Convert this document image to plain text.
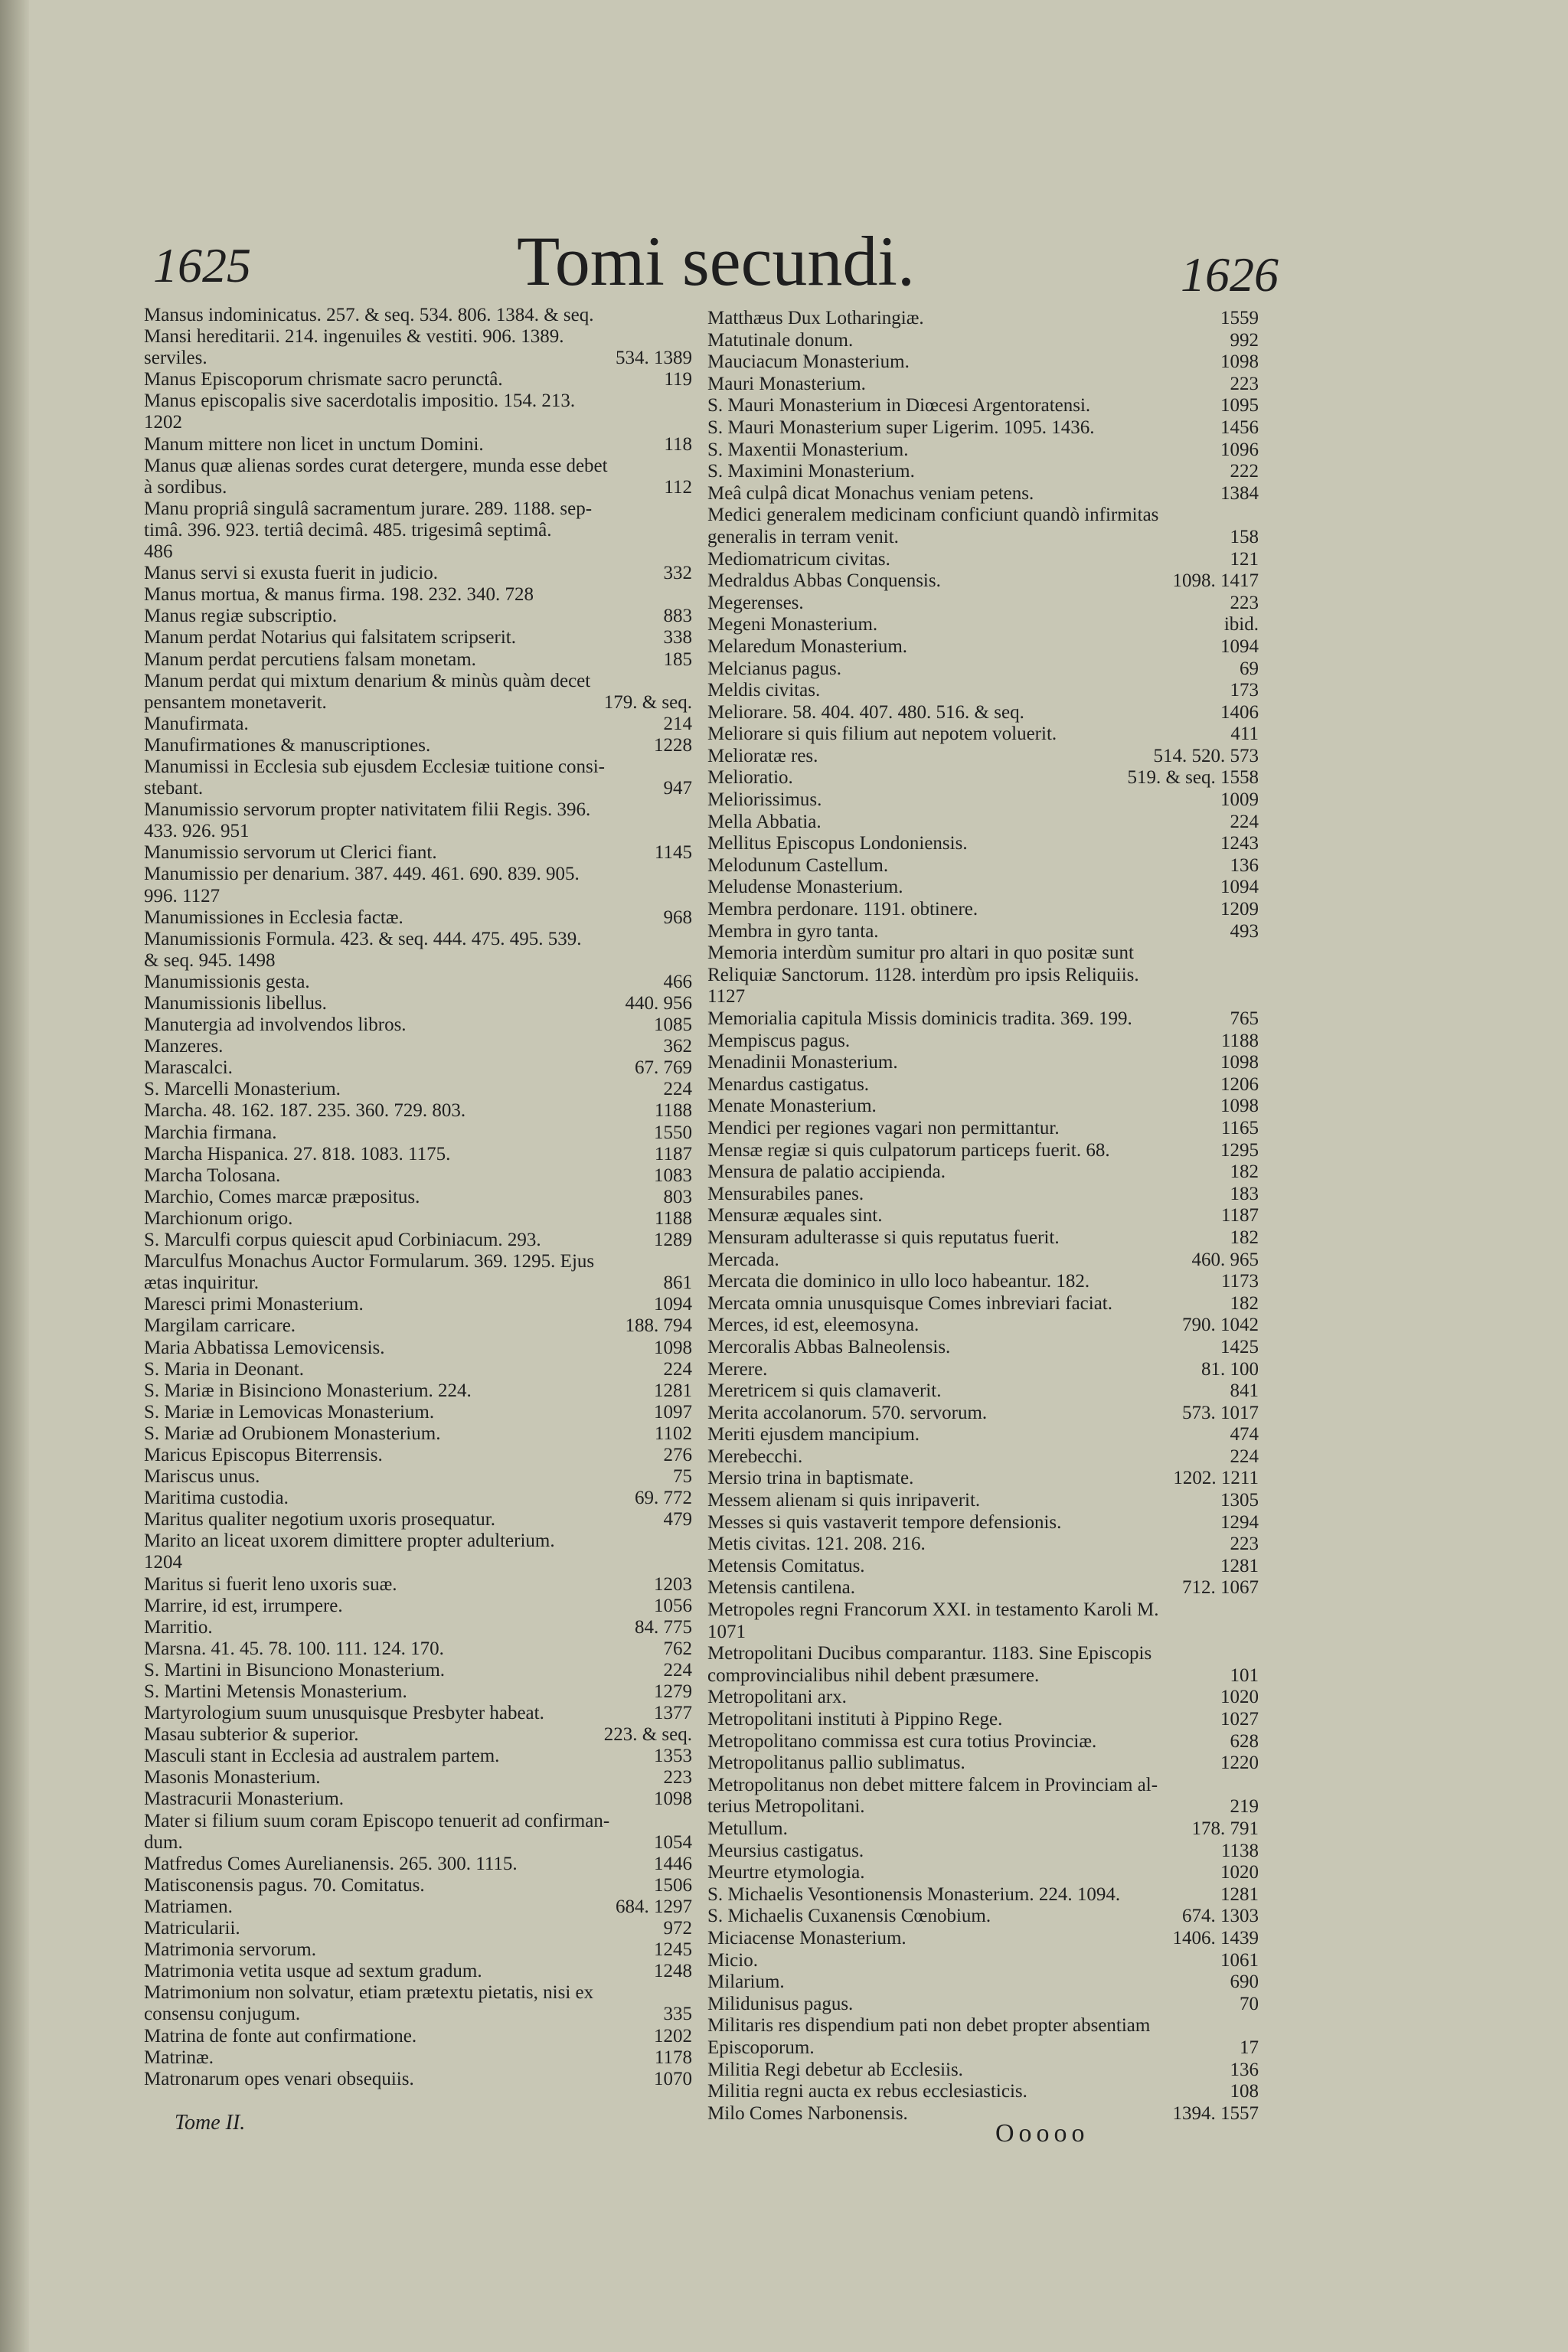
1625	Tomi secundi.	1626
Mansus indominicatus. 257. & seq. 534. 806. 1384. & seq.
Mansi hereditarii. 214. ingenuiles & vestiti. 906. 1389.
serviles.	534. 1389
Manus Episcoporum chrismate sacro perunctâ.	119
Manus episcopalis sive sacerdotalis impositio. 154. 213.
1202
Manum mittere non licet in unctum Domini.	118
Manus quæ alienas sordes curat detergere, munda esse debet
à sordibus.	112
Manu propriâ singulâ sacramentum jurare. 289. 1188. sep-
timâ. 396. 923. tertiâ decimâ. 485. trigesimâ septimâ.
486
Manus servi si exusta fuerit in judicio.	332
Manus mortua, & manus firma. 198. 232. 340. 728
Manus regiæ subscriptio.	883
Manum perdat Notarius qui falsitatem scripserit.	338
Manum perdat percutiens falsam monetam.	185
Manum perdat qui mixtum denarium & minùs quàm decet
pensantem monetaverit.	179. & seq.
Manufirmata.	214
Manufirmationes & manuscriptiones.	1228
Manumissi in Ecclesia sub ejusdem Ecclesiæ tuitione consi-
stebant.	947
Manumissio servorum propter nativitatem filii Regis. 396.
433. 926. 951
Manumissio servorum ut Clerici fiant.	1145
Manumissio per denarium. 387. 449. 461. 690. 839. 905.
996. 1127
Manumissiones in Ecclesia factæ.	968
Manumissionis Formula. 423. & seq. 444. 475. 495. 539.
& seq. 945. 1498
Manumissionis gesta.	466
Manumissionis libellus.	440. 956
Manutergia ad involvendos libros.	1085
Manzeres.	362
Marascalci.	67. 769
S. Marcelli Monasterium.	224
Marcha. 48. 162. 187. 235. 360. 729. 803.	1188
Marchia firmana.	1550
Marcha Hispanica. 27. 818. 1083. 1175.	1187
Marcha Tolosana.	1083
Marchio, Comes marcæ præpositus.	803
Marchionum origo.	1188
S. Marculfi corpus quiescit apud Corbiniacum. 293.	1289
Marculfus Monachus Auctor Formularum. 369. 1295. Ejus
ætas inquiritur.	861
Maresci primi Monasterium.	1094
Margilam carricare.	188. 794
Maria Abbatissa Lemovicensis.	1098
S. Maria in Deonant.	224
S. Mariæ in Bisinciono Monasterium. 224.	1281
S. Mariæ in Lemovicas Monasterium.	1097
S. Mariæ ad Orubionem Monasterium.	1102
Maricus Episcopus Biterrensis.	276
Mariscus unus.	75
Maritima custodia.	69. 772
Maritus qualiter negotium uxoris prosequatur.	479
Marito an liceat uxorem dimittere propter adulterium.
1204
Maritus si fuerit leno uxoris suæ.	1203
Marrire, id est, irrumpere.	1056
Marritio.	84. 775
Marsna. 41. 45. 78. 100. 111. 124. 170.	762
S. Martini in Bisunciono Monasterium.	224
S. Martini Metensis Monasterium.	1279
Martyrologium suum unusquisque Presbyter habeat.	1377
Masau subterior & superior.	223. & seq.
Masculi stant in Ecclesia ad australem partem.	1353
Masonis Monasterium.	223
Mastracurii Monasterium.	1098
Mater si filium suum coram Episcopo tenuerit ad confirman-
dum.	1054
Matfredus Comes Aurelianensis. 265. 300. 1115.	1446
Matisconensis pagus. 70. Comitatus.	1506
Matriamen.	684. 1297
Matricularii.	972
Matrimonia servorum.	1245
Matrimonia vetita usque ad sextum gradum.	1248
Matrimonium non solvatur, etiam prætextu pietatis, nisi ex
consensu conjugum.	335
Matrina de fonte aut confirmatione.	1202
Matrinæ.	1178
Matronarum opes venari obsequiis.	1070
Matthæus Dux Lotharingiæ.	1559
Matutinale donum.	992
Mauciacum Monasterium.	1098
Mauri Monasterium.	223
S. Mauri Monasterium in Diœcesi Argentoratensi.	1095
S. Mauri Monasterium super Ligerim. 1095. 1436.	1456
S. Maxentii Monasterium.	1096
S. Maximini Monasterium.	222
Meâ culpâ dicat Monachus veniam petens.	1384
Medici generalem medicinam conficiunt quandò infirmitas
generalis in terram venit.	158
Mediomatricum civitas.	121
Medraldus Abbas Conquensis.	1098. 1417
Megerenses.	223
Megeni Monasterium.	ibid.
Melaredum Monasterium.	1094
Melcianus pagus.	69
Meldis civitas.	173
Meliorare. 58. 404. 407. 480. 516. & seq.	1406
Meliorare si quis filium aut nepotem voluerit.	411
Melioratæ res.	514. 520. 573
Melioratio.	519. & seq. 1558
Meliorissimus.	1009
Mella Abbatia.	224
Mellitus Episcopus Londoniensis.	1243
Melodunum Castellum.	136
Meludense Monasterium.	1094
Membra perdonare. 1191. obtinere.	1209
Membra in gyro tanta.	493
Memoria interdùm sumitur pro altari in quo positæ sunt
Reliquiæ Sanctorum. 1128. interdùm pro ipsis Reliquiis.
1127
Memorialia capitula Missis dominicis tradita. 369. 199.	765
Mempiscus pagus.	1188
Menadinii Monasterium.	1098
Menardus castigatus.	1206
Menate Monasterium.	1098
Mendici per regiones vagari non permittantur.	1165
Mensæ regiæ si quis culpatorum particeps fuerit. 68.	1295
Mensura de palatio accipienda.	182
Mensurabiles panes.	183
Mensuræ æquales sint.	1187
Mensuram adulterasse si quis reputatus fuerit.	182
Mercada.	460. 965
Mercata die dominico in ullo loco habeantur. 182.	1173
Mercata omnia unusquisque Comes inbreviari faciat.	182
Merces, id est, eleemosyna.	790. 1042
Mercoralis Abbas Balneolensis.	1425
Merere.	81. 100
Meretricem si quis clamaverit.	841
Merita accolanorum. 570. servorum.	573. 1017
Meriti ejusdem mancipium.	474
Merebecchi.	224
Mersio trina in baptismate.	1202. 1211
Messem alienam si quis inripaverit.	1305
Messes si quis vastaverit tempore defensionis.	1294
Metis civitas. 121. 208. 216.	223
Metensis Comitatus.	1281
Metensis cantilena.	712. 1067
Metropoles regni Francorum XXI. in testamento Karoli M.
1071
Metropolitani Ducibus comparantur. 1183. Sine Episcopis
comprovincialibus nihil debent præsumere.	101
Metropolitani arx.	1020
Metropolitani instituti à Pippino Rege.	1027
Metropolitano commissa est cura totius Provinciæ.	628
Metropolitanus pallio sublimatus.	1220
Metropolitanus non debet mittere falcem in Provinciam al-
terius Metropolitani.	219
Metullum.	178. 791
Meursius castigatus.	1138
Meurtre etymologia.	1020
S. Michaelis Vesontionensis Monasterium. 224. 1094.	1281
S. Michaelis Cuxanensis Cœnobium.	674. 1303
Miciacense Monasterium.	1406. 1439
Micio.	1061
Milarium.	690
Milidunisus pagus.	70
Militaris res dispendium pati non debet propter absentiam
Episcoporum.	17
Militia Regi debetur ab Ecclesiis.	136
Militia regni aucta ex rebus ecclesiasticis.	108
Milo Comes Narbonensis.	1394. 1557
Tome II.	Ooooo
